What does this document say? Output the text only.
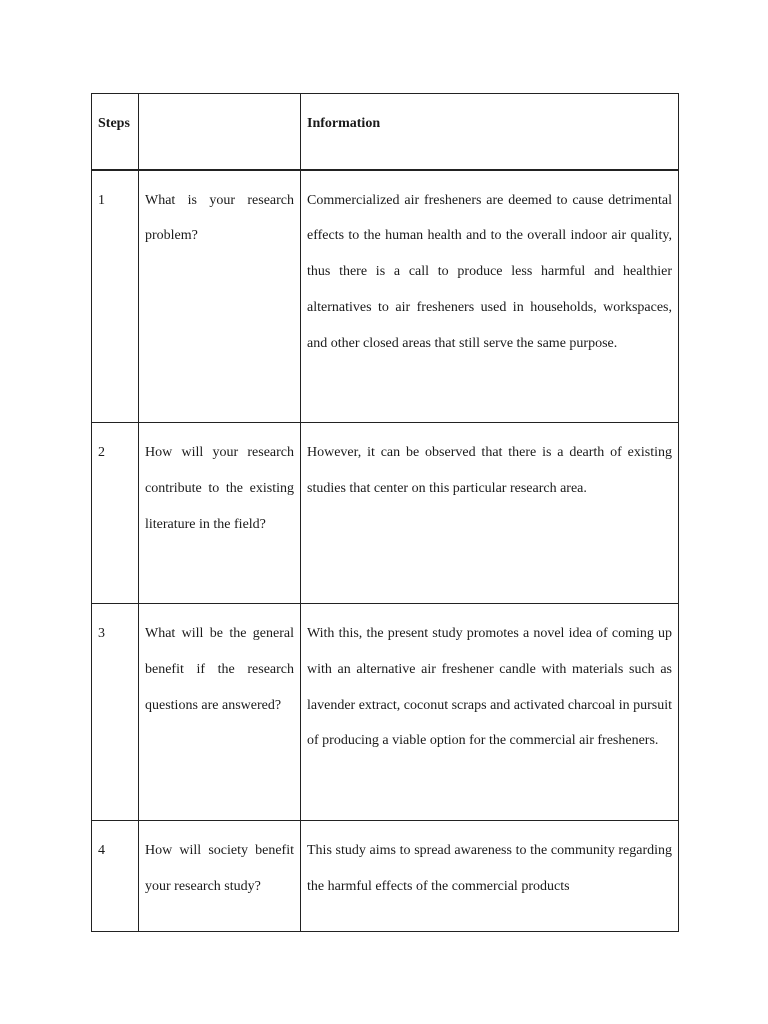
Steps		Information
1	What is your research problem?	Commercialized air fresheners are deemed to cause detrimental effects to the human health and to the overall indoor air quality, thus there is a call to produce less harmful and healthier alternatives to air fresheners used in households, workspaces, and other closed areas that still serve the same purpose.
2	How will your research contribute to the existing literature in the field?	However, it can be observed that there is a dearth of existing studies that center on this particular research area.
3	What will be the general benefit if the research questions are answered?	With this, the present study promotes a novel idea of coming up with an alternative air freshener candle with materials such as lavender extract, coconut scraps and activated charcoal in pursuit of producing a viable option for the commercial air fresheners.

4	How will society benefit your research study?	This study aims to spread awareness to the community regarding the harmful effects of the commercial products
